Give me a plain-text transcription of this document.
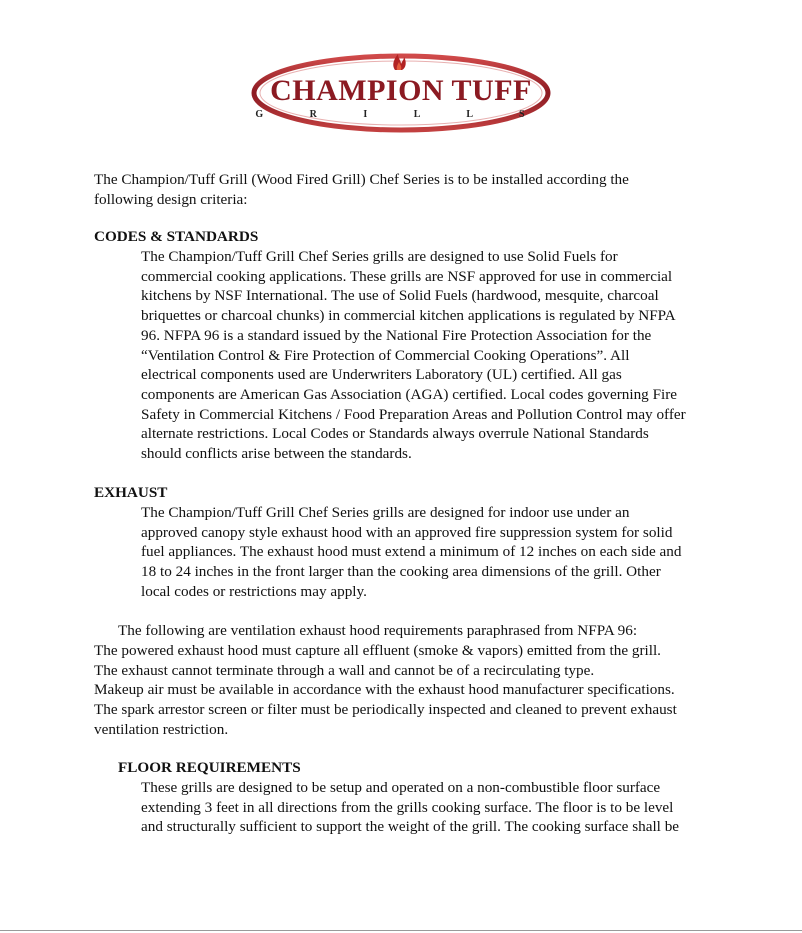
CHAMPION TUFF
G R I L L S
The Champion/Tuff Grill (Wood Fired Grill) Chef Series is to be installed according the
following design criteria:
CODES & STANDARDS
The Champion/Tuff Grill Chef Series grills are designed to use Solid Fuels for
commercial cooking applications. These grills are NSF approved for use in commercial
kitchens by NSF International. The use of Solid Fuels (hardwood, mesquite, charcoal
briquettes or charcoal chunks) in commercial kitchen applications is regulated by NFPA
96. NFPA 96 is a standard issued by the National Fire Protection Association for the
“Ventilation Control & Fire Protection of Commercial Cooking Operations”. All
electrical components used are Underwriters Laboratory (UL) certified. All gas
components are American Gas Association (AGA) certified. Local codes governing Fire
Safety in Commercial Kitchens / Food Preparation Areas and Pollution Control may offer
alternate restrictions. Local Codes or Standards always overrule National Standards
should conflicts arise between the standards.
EXHAUST
The Champion/Tuff Grill Chef Series grills are designed for indoor use under an
approved canopy style exhaust hood with an approved fire suppression system for solid
fuel appliances. The exhaust hood must extend a minimum of 12 inches on each side and
18 to 24 inches in the front larger than the cooking area dimensions of the grill. Other
local codes or restrictions may apply.
The following are ventilation exhaust hood requirements paraphrased from NFPA 96:
The powered exhaust hood must capture all effluent (smoke & vapors) emitted from the grill.
The exhaust cannot terminate through a wall and cannot be of a recirculating type.
Makeup air must be available in accordance with the exhaust hood manufacturer specifications.
The spark arrestor screen or filter must be periodically inspected and cleaned to prevent exhaust
ventilation restriction.
FLOOR REQUIREMENTS
These grills are designed to be setup and operated on a non-combustible floor surface
extending 3 feet in all directions from the grills cooking surface. The floor is to be level
and structurally sufficient to support the weight of the grill. The cooking surface shall be
